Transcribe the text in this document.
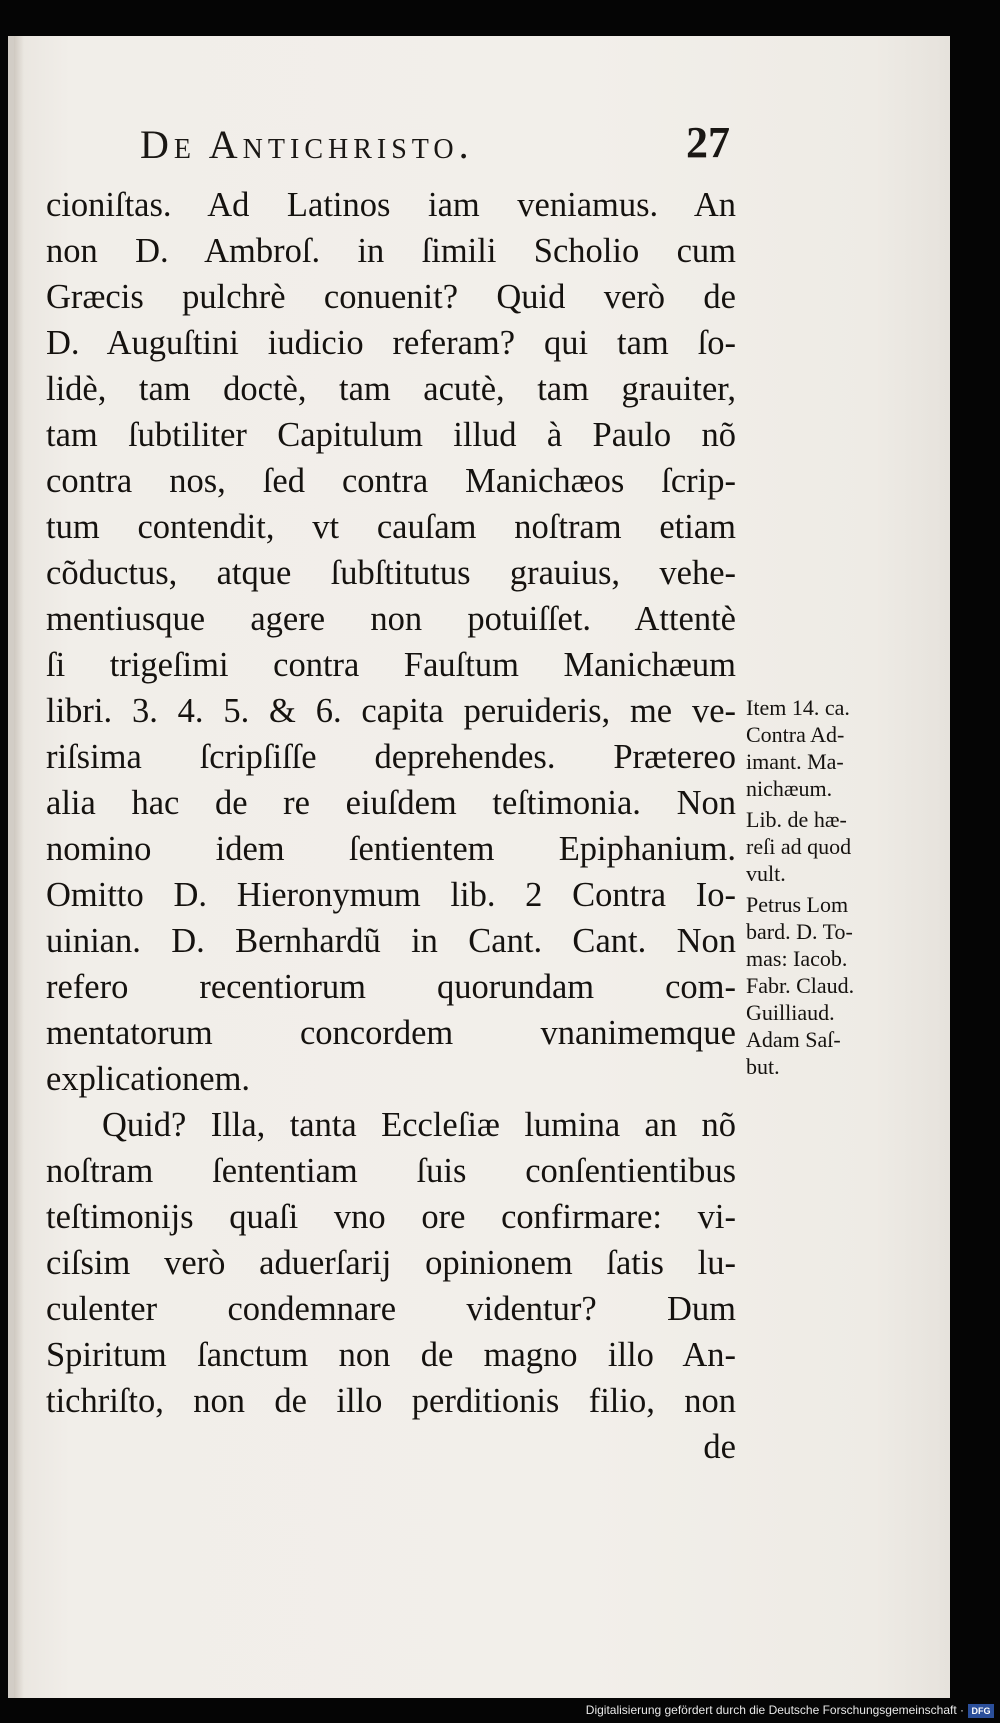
De Antichristo.	27
cioniſtas. Ad Latinos iam veniamus. An
non D. Ambroſ. in ſimili Scholio cum
Græcis pulchrè conuenit? Quid verò de
D. Auguſtini iudicio referam? qui tam ſo-
lidè, tam doctè, tam acutè, tam grauiter,
tam ſubtiliter Capitulum illud à Paulo nõ
contra nos, ſed contra Manichæos ſcrip-
tum contendit, vt cauſam noſtram etiam
cõductus, atque ſubſtitutus grauius, vehe-
mentiusque agere non potuiſſet. Attentè
ſi trigeſimi contra Fauſtum Manichæum
libri. 3. 4. 5. & 6. capita peruideris, me ve-
riſsima ſcripſiſſe deprehendes. Prætereo
alia hac de re eiuſdem teſtimonia. Non
nomino idem ſentientem Epiphanium.
Omitto D. Hieronymum lib. 2 Contra Io-
uinian. D. Bernhardũ in Cant. Cant. Non
refero recentiorum quorundam com-
mentatorum concordem vnanimemque
explicationem.
Quid? Illa, tanta Eccleſiæ lumina an nõ
noſtram ſententiam ſuis conſentientibus
teſtimonijs quaſi vno ore confirmare: vi-
ciſsim verò aduerſarij opinionem ſatis lu-
culenter condemnare videntur? Dum
Spiritum ſanctum non de magno illo An-
tichriſto, non de illo perditionis filio, non
de
Item 14. ca.
Contra Ad-
imant. Ma-
nichæum.
Lib. de hæ-
reſi ad quod
vult.
Petrus Lom
bard. D. To-
mas: Iacob.
Fabr. Claud.
Guilliaud.
Adam Saſ-
but.
Digitalisierung gefördert durch die Deutsche Forschungsgemeinschaft · DFG
